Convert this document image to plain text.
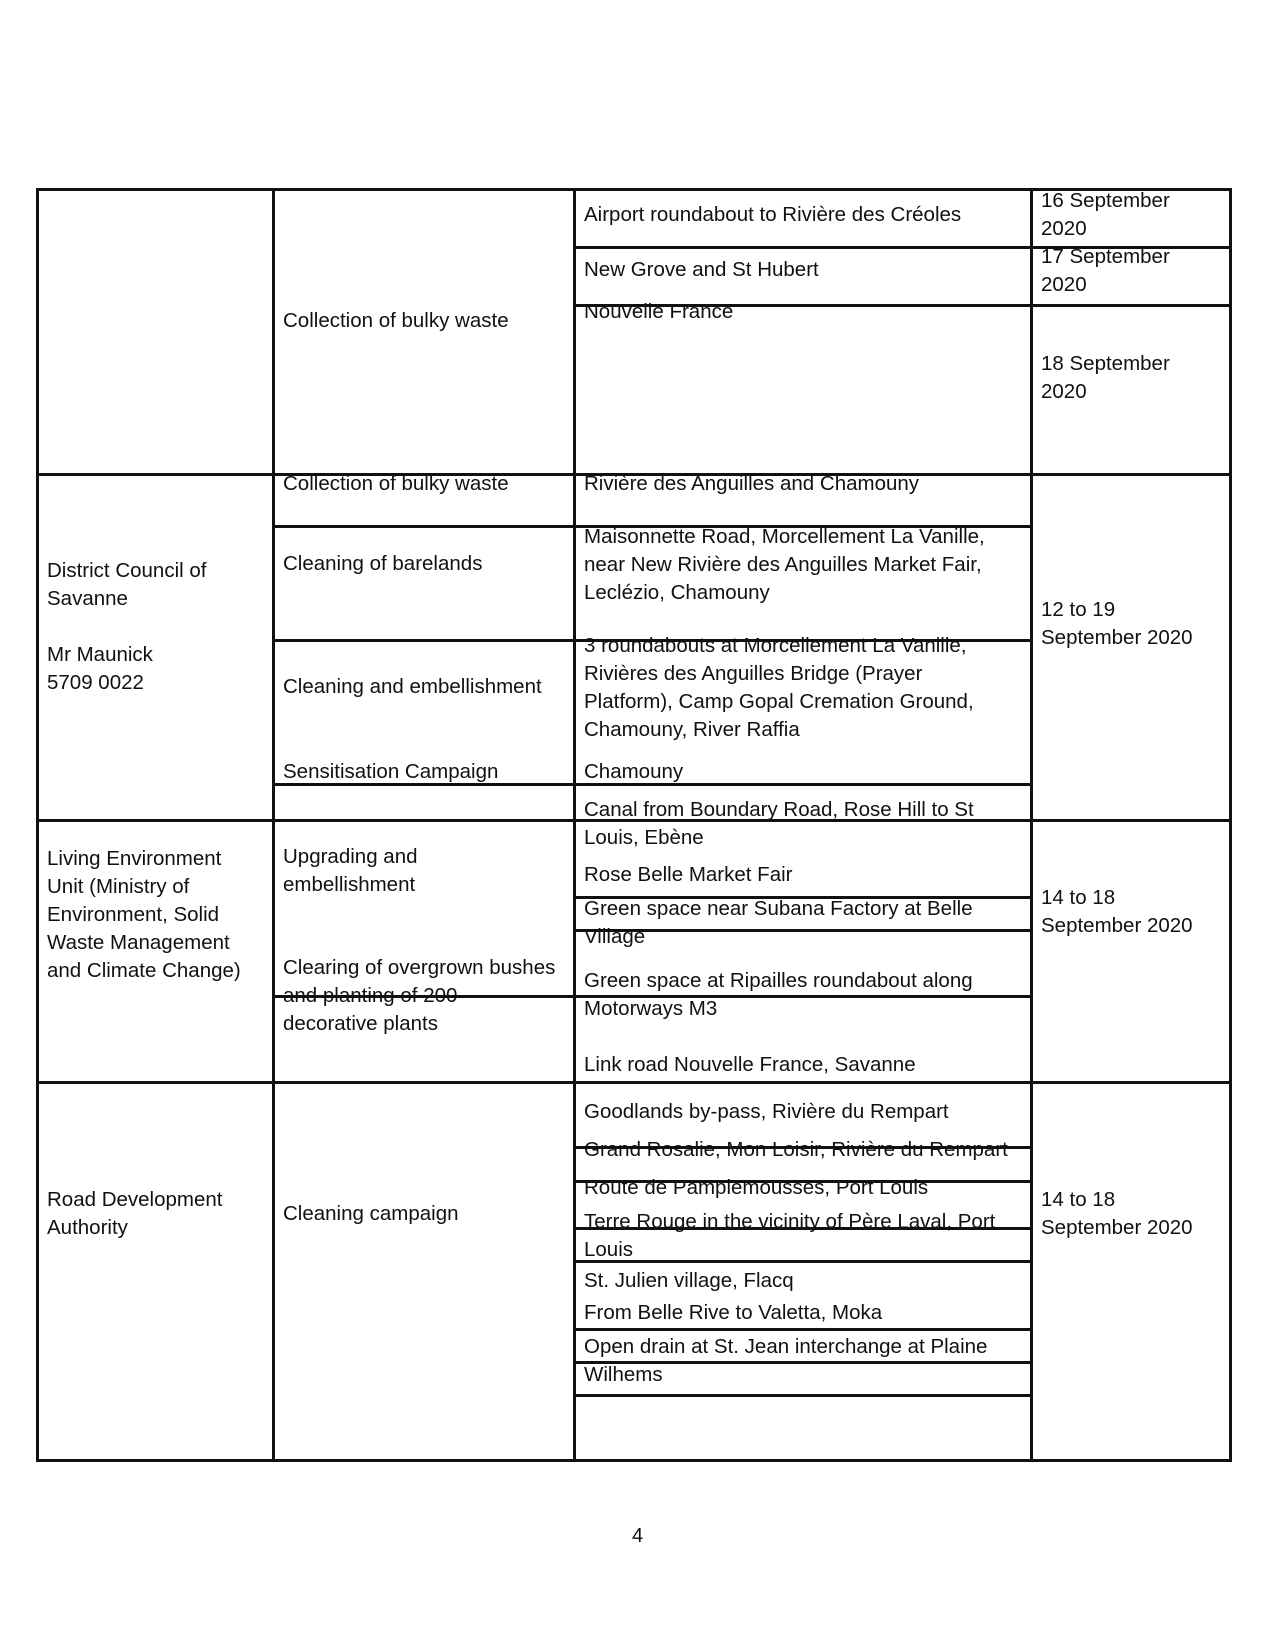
Collection of bulky waste
Airport roundabout to Rivière des Créoles
New Grove and St Hubert
Nouvelle France
16 September
2020
17 September
2020
18 September
2020
District Council of
Savanne

Mr Maunick
5709 0022
Collection of bulky waste
Cleaning of barelands
Cleaning and embellishment
Sensitisation Campaign
Rivière des Anguilles and Chamouny
Maisonnette Road, Morcellement La Vanille,
near New Rivière des Anguilles Market Fair,
Leclézio, Chamouny
3 roundabouts at Morcellement La Vanille,
Rivières des Anguilles Bridge (Prayer
Platform), Camp Gopal Cremation Ground,
Chamouny, River Raffia
Chamouny
12 to 19
September 2020
Living Environment
Unit (Ministry of
Environment, Solid
Waste Management
and Climate Change)
Upgrading and
embellishment
Clearing of overgrown bushes
and planting of 200
decorative plants
Canal from Boundary Road, Rose Hill to St
Louis, Ebène
Rose Belle Market Fair
Green space near Subana Factory at Belle
Village
Green space at Ripailles roundabout along
Motorways M3
14 to 18
September 2020
Road Development
Authority
Cleaning campaign
Link road Nouvelle France, Savanne
Goodlands by-pass, Rivière du Rempart
Grand Rosalie, Mon Loisir, Rivière du Rempart
Route de Pamplemousses, Port Louis
Terre Rouge in the vicinity of Père Laval, Port
Louis
St. Julien village, Flacq
From Belle Rive to Valetta, Moka
Open drain at St. Jean interchange at Plaine
Wilhems
14 to 18
September 2020
4
